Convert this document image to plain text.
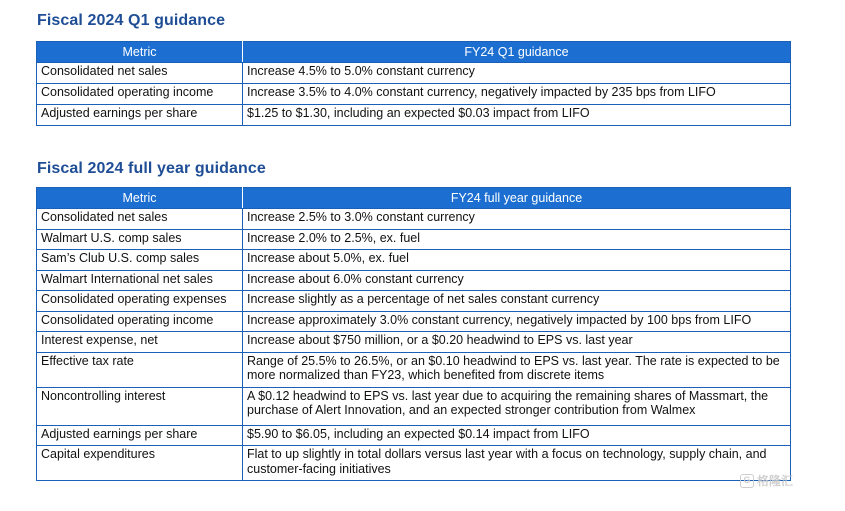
Fiscal 2024 Q1 guidance
Metric	FY24 Q1 guidance
Consolidated net sales	Increase 4.5% to 5.0% constant currency
Consolidated operating income	Increase 3.5% to 4.0% constant currency, negatively impacted by 235 bps from LIFO
Adjusted earnings per share	$1.25 to $1.30, including an expected $0.03 impact from LIFO
Fiscal 2024 full year guidance
Metric	FY24 full year guidance
Consolidated net sales	Increase 2.5% to 3.0% constant currency
Walmart U.S. comp sales	Increase 2.0% to 2.5%, ex. fuel
Sam’s Club U.S. comp sales	Increase about 5.0%, ex. fuel
Walmart International net sales	Increase about 6.0% constant currency
Consolidated operating expenses	Increase slightly as a percentage of net sales constant currency
Consolidated operating income	Increase approximately 3.0% constant currency, negatively impacted by 100 bps from LIFO
Interest expense, net	Increase about $750 million, or a $0.20 headwind to EPS vs. last year
Effective tax rate	Range of 25.5% to 26.5%, or an $0.10 headwind to EPS vs. last year. The rate is expected to be more normalized than FY23, which benefited from discrete items
Noncontrolling interest	A $0.12 headwind to EPS vs. last year due to acquiring the remaining shares of Massmart, the purchase of Alert Innovation, and an expected stronger contribution from Walmex
Adjusted earnings per share	$5.90 to $6.05, including an expected $0.14 impact from LIFO
Capital expenditures	Flat to up slightly in total dollars versus last year with a focus on technology, supply chain, and customer-facing initiatives
G 格隆汇
